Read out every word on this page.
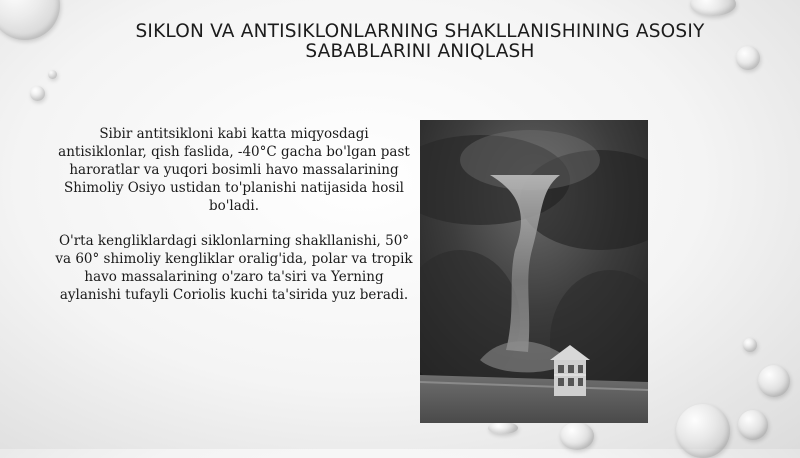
SIKLON VA ANTISIKLONLARNING SHAKLLANISHINING ASOSIY
SABABLARINI ANIQLASH

Sibir antitsikloni kabi katta miqyosdagi antisiklonlar, qish faslida, -40°C gacha bo'lgan past haroratlar va yuqori bosimli havo massalarining Shimoliy Osiyo ustidan to'planishi natijasida hosil bo'ladi.

O'rta kengliklardagi siklonlarning shakllanishi, 50° va 60° shimoliy kengliklar oralig'ida, polar va tropik havo massalarining o'zaro ta'siri va Yerning aylanishi tufayli Coriolis kuchi ta'sirida yuz beradi.
